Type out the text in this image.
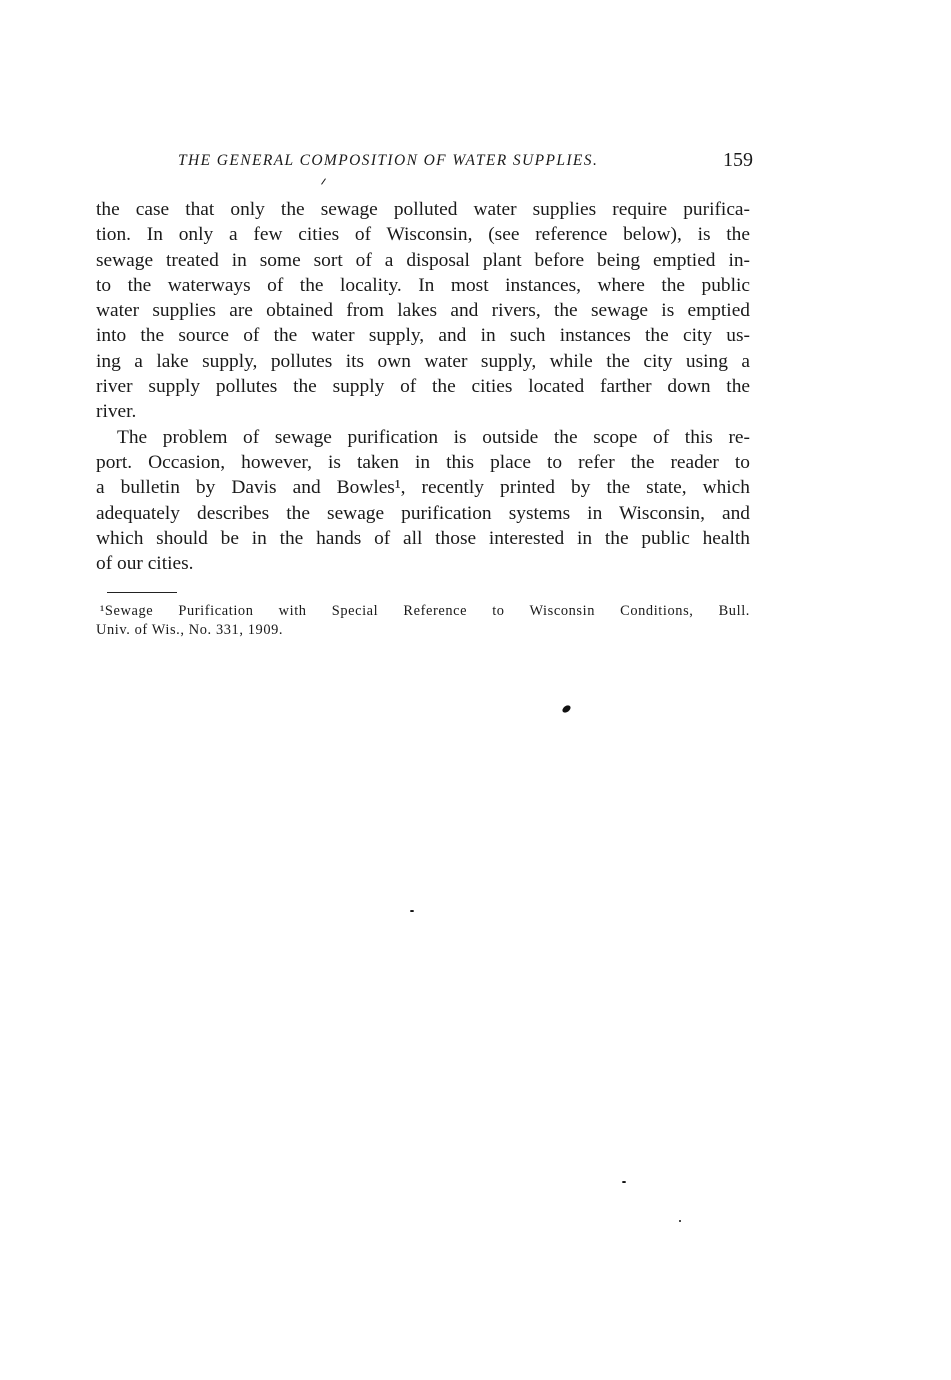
THE GENERAL COMPOSITION OF WATER SUPPLIES.	159
the case that only the sewage polluted water supplies require purifica-
tion. In only a few cities of Wisconsin, (see reference below), is the
sewage treated in some sort of a disposal plant before being emptied in-
to the waterways of the locality. In most instances, where the public
water supplies are obtained from lakes and rivers, the sewage is emptied
into the source of the water supply, and in such instances the city us-
ing a lake supply, pollutes its own water supply, while the city using a
river supply pollutes the supply of the cities located farther down the
river.
The problem of sewage purification is outside the scope of this re-
port. Occasion, however, is taken in this place to refer the reader to
a bulletin by Davis and Bowles¹, recently printed by the state, which
adequately describes the sewage purification systems in Wisconsin, and
which should be in the hands of all those interested in the public health
of our cities.
¹Sewage Purification with Special Reference to Wisconsin Conditions, Bull.
Univ. of Wis., No. 331, 1909.
